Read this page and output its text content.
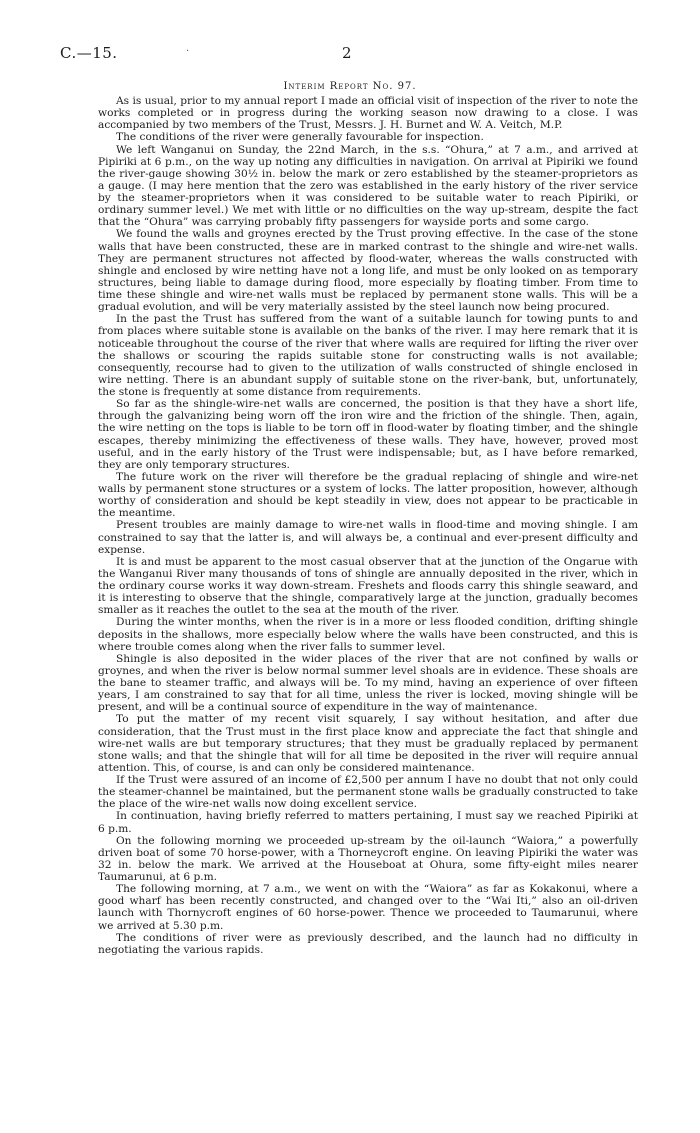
C.—15.	·	2
Interim Report No. 97.

As is usual, prior to my annual report I made an official visit of inspection of the river to note the works completed or in progress during the working season now drawing to a close. I was accompanied by two members of the Trust, Messrs. J. H. Burnet and W. A. Veitch, M.P.

The conditions of the river were generally favourable for inspection.

We left Wanganui on Sunday, the 22nd March, in the s.s. “Ohura,” at 7 a.m., and arrived at Pipiriki at 6 p.m., on the way up noting any difficulties in navigation. On arrival at Pipiriki we found the river-gauge showing 30½ in. below the mark or zero established by the steamer-proprietors as a gauge. (I may here mention that the zero was established in the early history of the river service by the steamer-proprietors when it was considered to be suitable water to reach Pipiriki, or ordinary summer level.) We met with little or no difficulties on the way up-stream, despite the fact that the “Ohura” was carrying probably fifty passengers for wayside ports and some cargo.

We found the walls and groynes erected by the Trust proving effective. In the case of the stone walls that have been constructed, these are in marked contrast to the shingle and wire-net walls. They are permanent structures not affected by flood-water, whereas the walls constructed with shingle and enclosed by wire netting have not a long life, and must be only looked on as temporary structures, being liable to damage during flood, more especially by floating timber. From time to time these shingle and wire-net walls must be replaced by permanent stone walls. This will be a gradual evolution, and will be very materially assisted by the steel launch now being procured.

In the past the Trust has suffered from the want of a suitable launch for towing punts to and from places where suitable stone is available on the banks of the river. I may here remark that it is noticeable throughout the course of the river that where walls are required for lifting the river over the shallows or scouring the rapids suitable stone for constructing walls is not available; consequently, recourse had to given to the utilization of walls constructed of shingle enclosed in wire netting. There is an abundant supply of suitable stone on the river-bank, but, unfortunately, the stone is frequently at some distance from requirements.

So far as the shingle-wire-net walls are concerned, the position is that they have a short life, through the galvanizing being worn off the iron wire and the friction of the shingle. Then, again, the wire netting on the tops is liable to be torn off in flood-water by floating timber, and the shingle escapes, thereby minimizing the effectiveness of these walls. They have, however, proved most useful, and in the early history of the Trust were indispensable; but, as I have before remarked, they are only temporary structures.

The future work on the river will therefore be the gradual replacing of shingle and wire-net walls by permanent stone structures or a system of locks. The latter proposition, however, although worthy of consideration and should be kept steadily in view, does not appear to be practicable in the meantime.

Present troubles are mainly damage to wire-net walls in flood-time and moving shingle. I am constrained to say that the latter is, and will always be, a continual and ever-present difficulty and expense.

It is and must be apparent to the most casual observer that at the junction of the Ongarue with the Wanganui River many thousands of tons of shingle are annually deposited in the river, which in the ordinary course works it way down-stream. Freshets and floods carry this shingle seaward, and it is interesting to observe that the shingle, comparatively large at the junction, gradually becomes smaller as it reaches the outlet to the sea at the mouth of the river.

During the winter months, when the river is in a more or less flooded condition, drifting shingle deposits in the shallows, more especially below where the walls have been constructed, and this is where trouble comes along when the river falls to summer level.

Shingle is also deposited in the wider places of the river that are not confined by walls or groynes, and when the river is below normal summer level shoals are in evidence. These shoals are the bane to steamer traffic, and always will be. To my mind, having an experience of over fifteen years, I am constrained to say that for all time, unless the river is locked, moving shingle will be present, and will be a continual source of expenditure in the way of maintenance.

To put the matter of my recent visit squarely, I say without hesitation, and after due consideration, that the Trust must in the first place know and appreciate the fact that shingle and wire-net walls are but temporary structures; that they must be gradually replaced by permanent stone walls; and that the shingle that will for all time be deposited in the river will require annual attention. This, of course, is and can only be considered maintenance.

If the Trust were assured of an income of £2,500 per annum I have no doubt that not only could the steamer-channel be maintained, but the permanent stone walls be gradually constructed to take the place of the wire-net walls now doing excellent service.

In continuation, having briefly referred to matters pertaining, I must say we reached Pipiriki at 6 p.m.

On the following morning we proceeded up-stream by the oil-launch “Waiora,” a powerfully driven boat of some 70 horse-power, with a Thorneycroft engine. On leaving Pipiriki the water was 32 in. below the mark. We arrived at the Houseboat at Ohura, some fifty-eight miles nearer Taumarunui, at 6 p.m.

The following morning, at 7 a.m., we went on with the “Waiora” as far as Kokakonui, where a good wharf has been recently constructed, and changed over to the “Wai Iti,” also an oil-driven launch with Thornycroft engines of 60 horse-power. Thence we proceeded to Taumarunui, where we arrived at 5.30 p.m.

The conditions of river were as previously described, and the launch had no difficulty in negotiating the various rapids.
